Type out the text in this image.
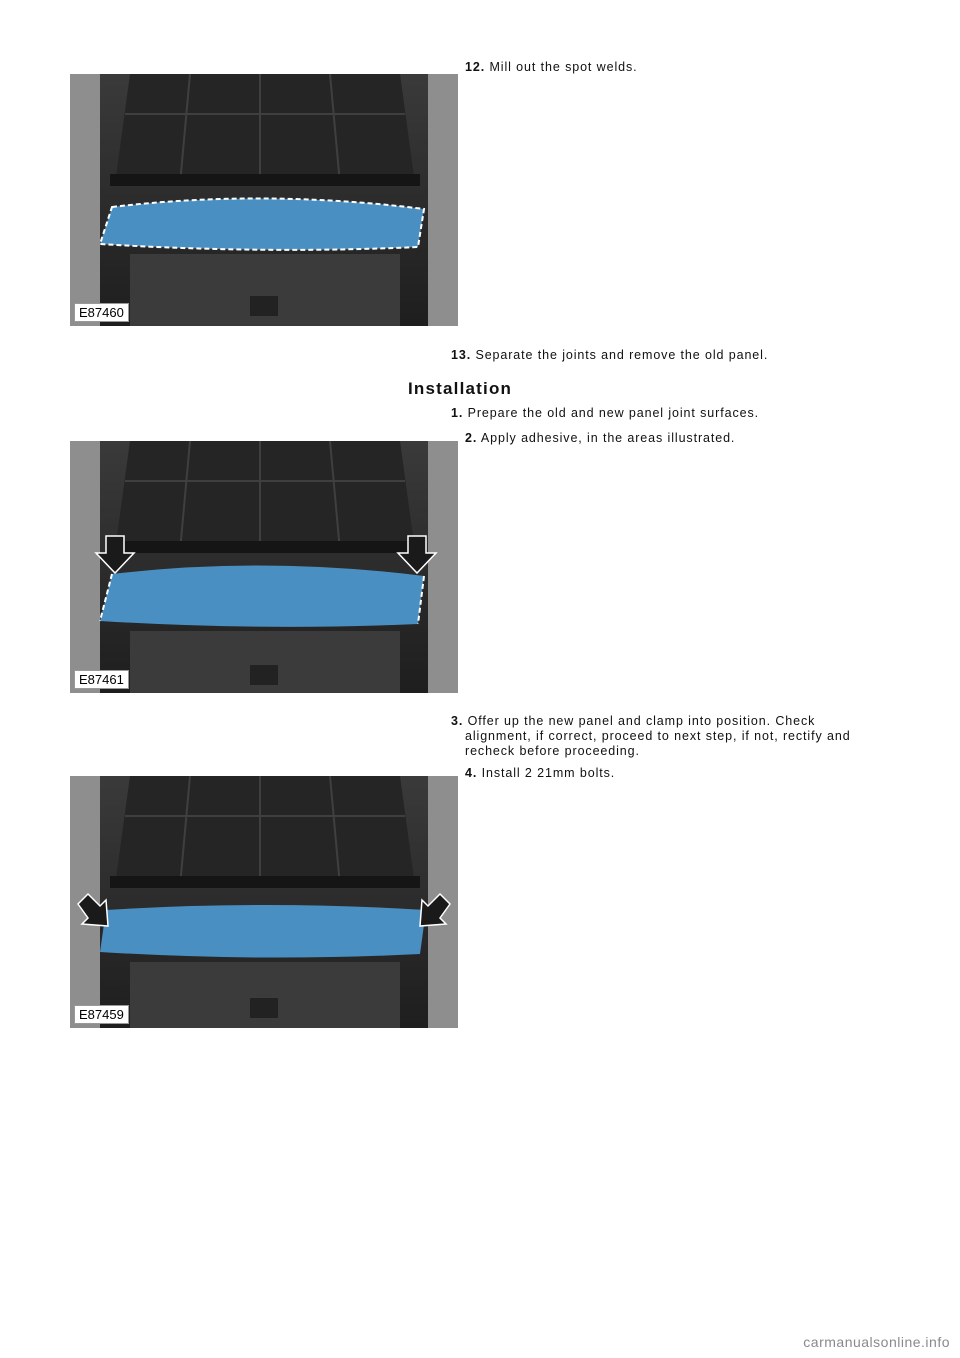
12. Mill out the spot welds.
E87460
13. Separate the joints and remove the old panel.
Installation
1. Prepare the old and new panel joint surfaces.
2. Apply adhesive, in the areas illustrated.
E87461
3. Offer up the new panel and clamp into position. Check
alignment, if correct, proceed to next step, if not, rectify and
recheck before proceeding.
4. Install 2 21mm bolts.
E87459
carmanualsonline.info
